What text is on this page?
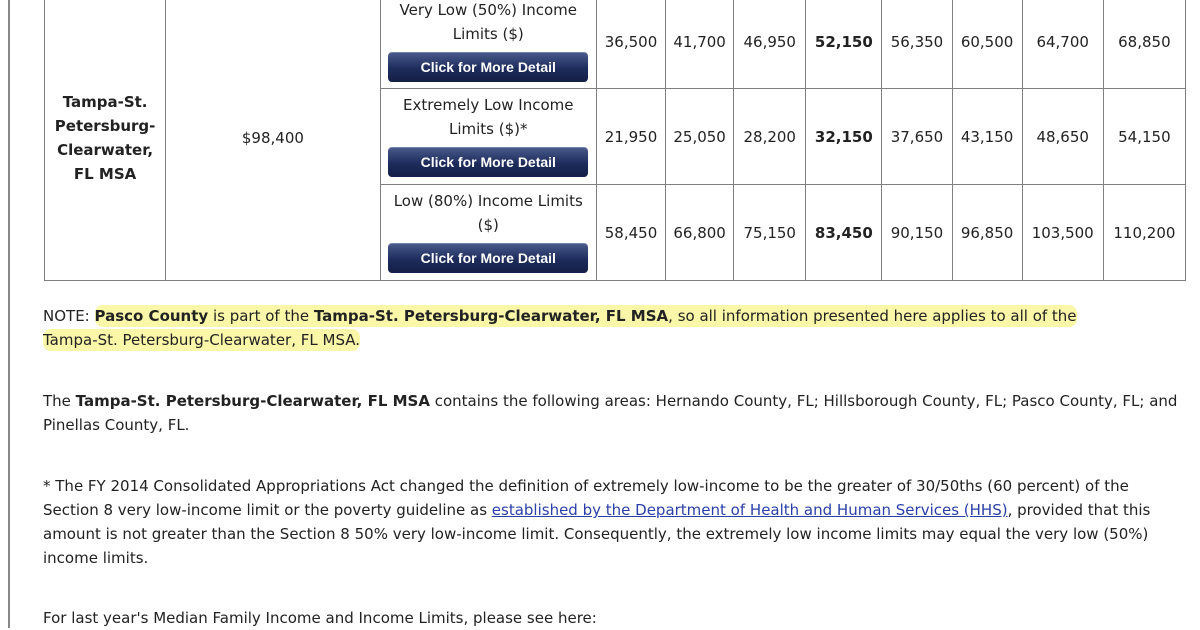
Tampa-St. Petersburg-Clearwater, FL MSA	$98,400	Very Low (50%) Income Limits ($)
Click for More Detail	36,500	41,700	46,950	52,150	56,350	60,500	64,700	68,850

		Extremely Low Income Limits ($)*
Click for More Detail	21,950	25,050	28,200	32,150	37,650	43,150	48,650	54,150

		Low (80%) Income Limits ($)
Click for More Detail	58,450	66,800	75,150	83,450	90,150	96,850	103,500	110,200
NOTE: Pasco County is part of the Tampa-St. Petersburg-Clearwater, FL MSA, so all information presented here applies to all of the
Tampa-St. Petersburg-Clearwater, FL MSA.
The Tampa-St. Petersburg-Clearwater, FL MSA contains the following areas: Hernando County, FL; Hillsborough County, FL; Pasco County, FL; and Pinellas County, FL.
* The FY 2014 Consolidated Appropriations Act changed the definition of extremely low-income to be the greater of 30/50ths (60 percent) of the Section 8 very low-income limit or the poverty guideline as established by the Department of Health and Human Services (HHS), provided that this amount is not greater than the Section 8 50% very low-income limit. Consequently, the extremely low income limits may equal the very low (50%) income limits.
For last year's Median Family Income and Income Limits, please see here:
